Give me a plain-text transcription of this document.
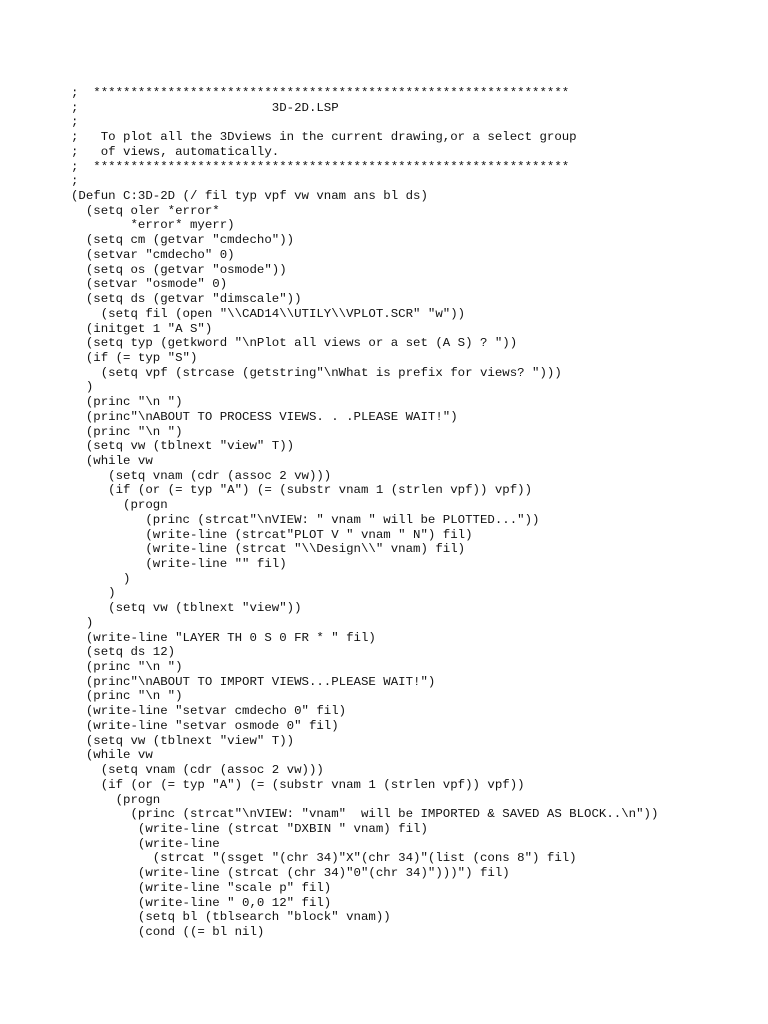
;  ****************************************************************
;                          3D-2D.LSP
;
;   To plot all the 3Dviews in the current drawing,or a select group
;   of views, automatically.
;  ****************************************************************
;
(Defun C:3D-2D (/ fil typ vpf vw vnam ans bl ds)
(setq oler *error*
*error* myerr)
(setq cm (getvar "cmdecho"))
(setvar "cmdecho" 0)
(setq os (getvar "osmode"))
(setvar "osmode" 0)
(setq ds (getvar "dimscale"))
(setq fil (open "\\CAD14\\UTILY\\VPLOT.SCR" "w"))
(initget 1 "A S")
(setq typ (getkword "\nPlot all views or a set (A S) ? "))
(if (= typ "S")
(setq vpf (strcase (getstring"\nWhat is prefix for views? ")))
)
(princ "\n ")
(princ"\nABOUT TO PROCESS VIEWS. . .PLEASE WAIT!")
(princ "\n ")
(setq vw (tblnext "view" T))
(while vw
(setq vnam (cdr (assoc 2 vw)))
(if (or (= typ "A") (= (substr vnam 1 (strlen vpf)) vpf))
(progn
(princ (strcat"\nVIEW: " vnam " will be PLOTTED..."))
(write-line (strcat"PLOT V " vnam " N") fil)
(write-line (strcat "\\Design\\" vnam) fil)
(write-line "" fil)
)
)
(setq vw (tblnext "view"))
)
(write-line "LAYER TH 0 S 0 FR * " fil)
(setq ds 12)
(princ "\n ")
(princ"\nABOUT TO IMPORT VIEWS...PLEASE WAIT!")
(princ "\n ")
(write-line "setvar cmdecho 0" fil)
(write-line "setvar osmode 0" fil)
(setq vw (tblnext "view" T))
(while vw
(setq vnam (cdr (assoc 2 vw)))
(if (or (= typ "A") (= (substr vnam 1 (strlen vpf)) vpf))
(progn
(princ (strcat"\nVIEW: "vnam"  will be IMPORTED & SAVED AS BLOCK..\n"))
(write-line (strcat "DXBIN " vnam) fil)
(write-line
(strcat "(ssget "(chr 34)"X"(chr 34)"(list (cons 8") fil)
(write-line (strcat (chr 34)"0"(chr 34)")))") fil)
(write-line "scale p" fil)
(write-line " 0,0 12" fil)
(setq bl (tblsearch "block" vnam))
(cond ((= bl nil)
